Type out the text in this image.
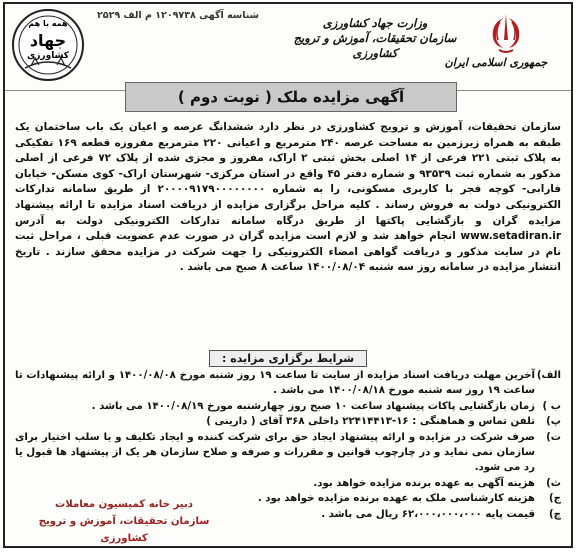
همه با هم
جهاد
کشاورزی
شناسه آگهی ۱۲۰۹۷۳۸ م الف ۲۵۲۹
وزارت جهاد کشاورزی
سازمان تحقیقات، آموزش و ترویج کشاورزی
جمهوری اسلامی ایران
آگهی مزایده ملک ( نوبت دوم )
سازمان تحقیقات، آموزش و ترویج کشاورزی در نظر دارد ششدانگ عرصه و اعیان یک باب ساختمان یک طبقه به همراه زیرزمین به مساحت عرصه ۲۴۰ مترمربع و اعیانی ۲۲۰ مترمربع مفروزه قطعه ۱۶۹ تفکیکی به پلاک ثبتی ۲۲۱ فرعی از ۱۴ اصلی بخش ثبتی ۲ اراک، مفروز و مجزی شده از پلاک ۷۲ فرعی از اصلی مذکور به شماره ثبت ۹۳۵۳۹ و شماره دفتر ۴۵ واقع در استان مرکزی- شهرستان اراک- کوی مسکن- خیابان فارابی- کوچه فجر با کاربری مسکونی، را به شماره ۲۰۰۰۰۹۱۷۹۰۰۰۰۰۰۰۰ از طریق سامانه تدارکات الکترونیکی دولت به فروش رساند . کلیه مراحل برگزاری مزایده از دریافت اسناد مزایده تا ارائه پیشنهاد مزایده گران و بازگشایی پاکتها از طریق درگاه سامانه تدارکات الکترونیکی دولت به آدرس www.setadiran.ir انجام خواهد شد و لازم است مزایده گران در صورت عدم عضویت قبلی ، مراحل ثبت نام در سایت مذکور و دریافت گواهی امضاء الکترونیکی را جهت شرکت در مزایده محقق سازند . تاریخ انتشار مزایده در سامانه روز سه شنبه ۱۴۰۰/۰۸/۰۴ ساعت ۸ صبح می باشد .
شرایط برگزاری مزایده :
الف)
آخرین مهلت دریافت اسناد مزایده از سایت تا ساعت ۱۹ روز شنبه مورخ ۱۴۰۰/۰۸/۰۸ و ارائه پیشنهادات تا ساعت ۱۹ روز سه شنبه مورخ ۱۴۰۰/۰۸/۱۸ می باشد .
ب )
زمان بازگشایی پاکات پیشنهاد ساعت ۱۰ صبح روز چهارشنبه مورخ ۱۴۰۰/۰۸/۱۹ می باشد .
پ)
تلفن تماس و هماهنگی : ۱۶-۲۲۴۱۴۴۱۳ داخلی ۳۶۸ آقای ( دارینی )
ت)
صرف شرکت در مزایده و ارائه پیشنهاد ایجاد حق برای شرکت کننده و ایجاد تکلیف و یا سلب اختیار برای سازمان نمی نماید و در چارچوب قوانین و مقررات و صرفه و صلاح سازمان هر یک از پیشنهاد ها قبول یا رد می شود.
ث)
هزینه آگهی به عهده برنده مزایده خواهد بود.
ج)
هزینه کارشناسی ملک به عهده برنده مزایده خواهد بود .
چ)
قیمت پایه ۶۲،۰۰۰،۰۰۰،۰۰۰ ریال می باشد .
دبیر خانه کمیسیون معاملات
سازمان تحقیقات، آموزش و ترویج کشاورزی
